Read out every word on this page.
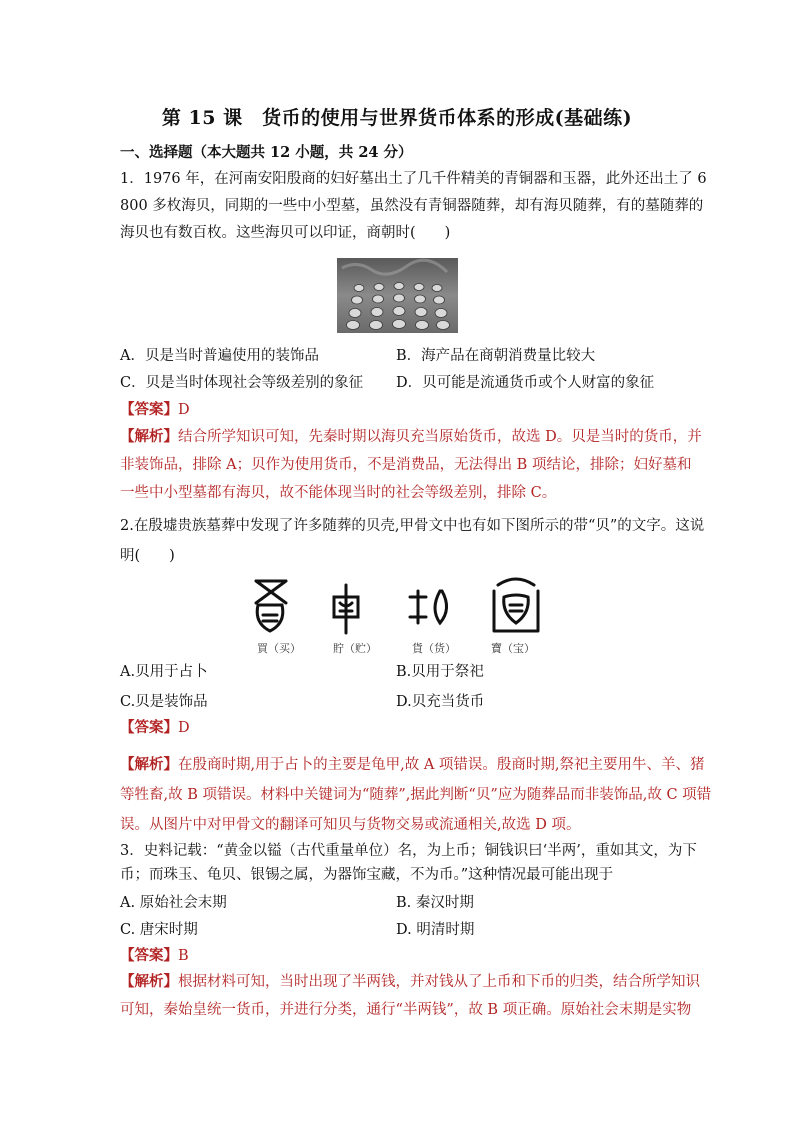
第 15 课　货币的使用与世界货币体系的形成(基础练)
一、选择题（本大题共 12 小题，共 24 分）
1．1976 年，在河南安阳殷商的妇好墓出土了几千件精美的青铜器和玉器，此外还出土了 6
800 多枚海贝，同期的一些中小型墓，虽然没有青铜器随葬，却有海贝随葬，有的墓随葬的
海贝也有数百枚。这些海贝可以印证，商朝时(　　)
A．贝是当时普遍使用的装饰品	B．海产品在商朝消费量比较大
C．贝是当时体现社会等级差别的象征 D．贝可能是流通货币或个人财富的象征
【答案】D
【解析】结合所学知识可知，先秦时期以海贝充当原始货币，故选 D。贝是当时的货币，并
非装饰品，排除 A；贝作为使用货币，不是消费品，无法得出 B 项结论，排除；妇好墓和
一些中小型墓都有海贝，故不能体现当时的社会等级差别，排除 C。
2.在殷墟贵族墓葬中发现了许多随葬的贝壳,甲骨文中也有如下图所示的带“贝”的文字。这说
明(　　)
買（买）	貯（贮）	貨（货）	寶（宝）
A.贝用于占卜	B.贝用于祭祀
C.贝是装饰品	D.贝充当货币
【答案】D
【解析】在殷商时期,用于占卜的主要是龟甲,故 A 项错误。殷商时期,祭祀主要用牛、羊、猪
等牲畜,故 B 项错误。材料中关键词为“随葬”,据此判断“贝”应为随葬品而非装饰品,故 C 项错
误。从图片中对甲骨文的翻译可知贝与货物交易或流通相关,故选 D 项。
3．史料记载：“黄金以镒（古代重量单位）名，为上币；铜钱识曰‘半两’，重如其文，为下
币；而珠玉、龟贝、银锡之属，为器饰宝藏，不为币。”这种情况最可能出现于
A. 原始社会末期	B. 秦汉时期
C. 唐宋时期	D. 明清时期
【答案】B
【解析】根据材料可知，当时出现了半两钱，并对钱从了上币和下币的归类，结合所学知识
可知，秦始皇统一货币，并进行分类，通行“半两钱”，故 B 项正确。原始社会末期是实物
